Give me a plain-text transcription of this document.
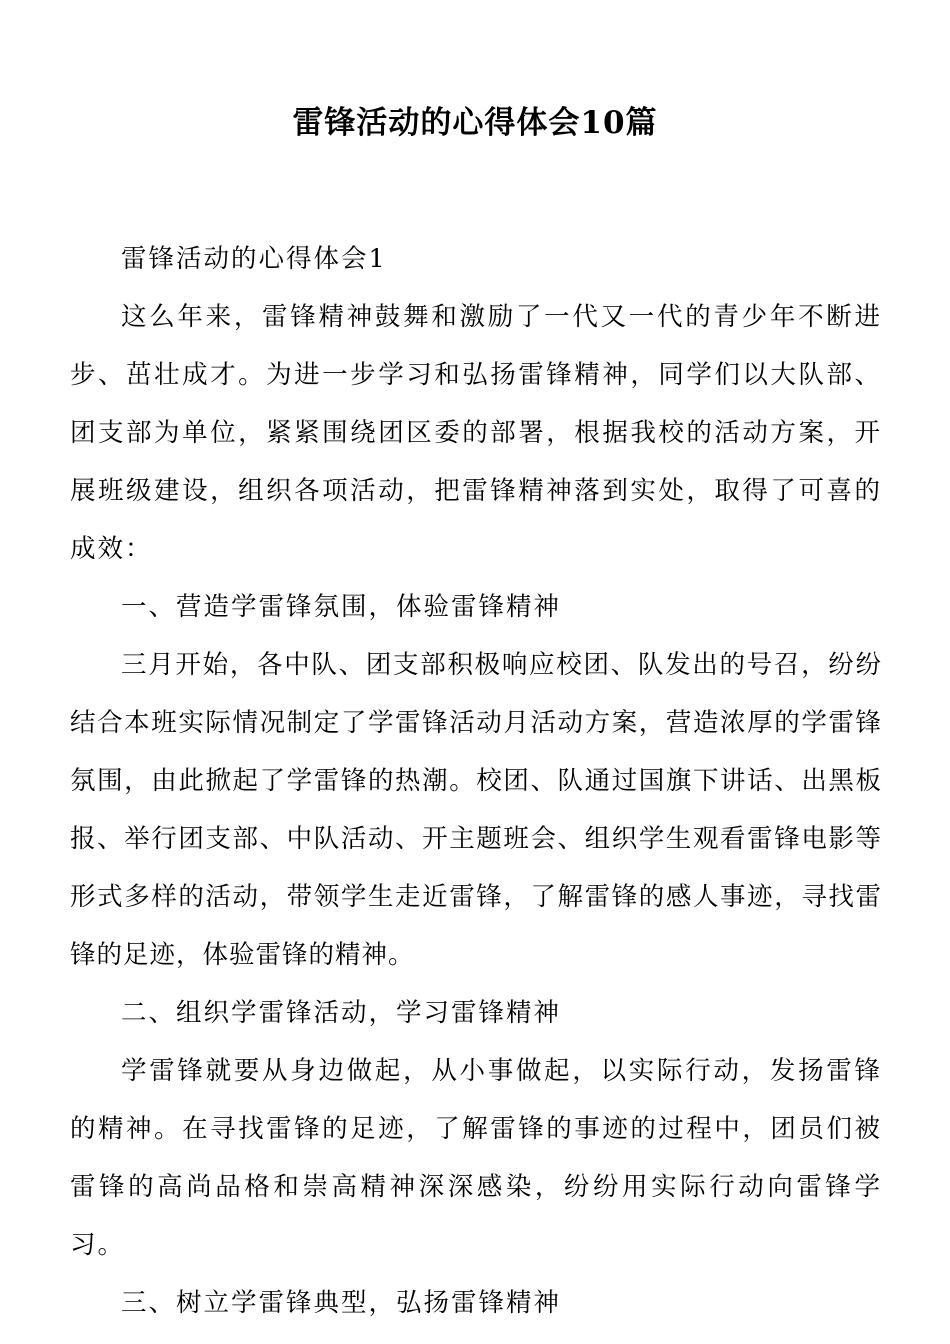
雷锋活动的心得体会10篇

雷锋活动的心得体会1

这么年来，雷锋精神鼓舞和激励了一代又一代的青少年不断进步、茁壮成才。为进一步学习和弘扬雷锋精神，同学们以大队部、团支部为单位，紧紧围绕团区委的部署，根据我校的活动方案，开展班级建设，组织各项活动，把雷锋精神落到实处，取得了可喜的成效：

一、营造学雷锋氛围，体验雷锋精神

三月开始，各中队、团支部积极响应校团、队发出的号召，纷纷结合本班实际情况制定了学雷锋活动月活动方案，营造浓厚的学雷锋氛围，由此掀起了学雷锋的热潮。校团、队通过国旗下讲话、出黑板报、举行团支部、中队活动、开主题班会、组织学生观看雷锋电影等形式多样的活动，带领学生走近雷锋，了解雷锋的感人事迹，寻找雷锋的足迹，体验雷锋的精神。

二、组织学雷锋活动，学习雷锋精神

学雷锋就要从身边做起，从小事做起，以实际行动，发扬雷锋的精神。在寻找雷锋的足迹，了解雷锋的事迹的过程中，团员们被雷锋的高尚品格和崇高精神深深感染，纷纷用实际行动向雷锋学习。

三、树立学雷锋典型，弘扬雷锋精神
